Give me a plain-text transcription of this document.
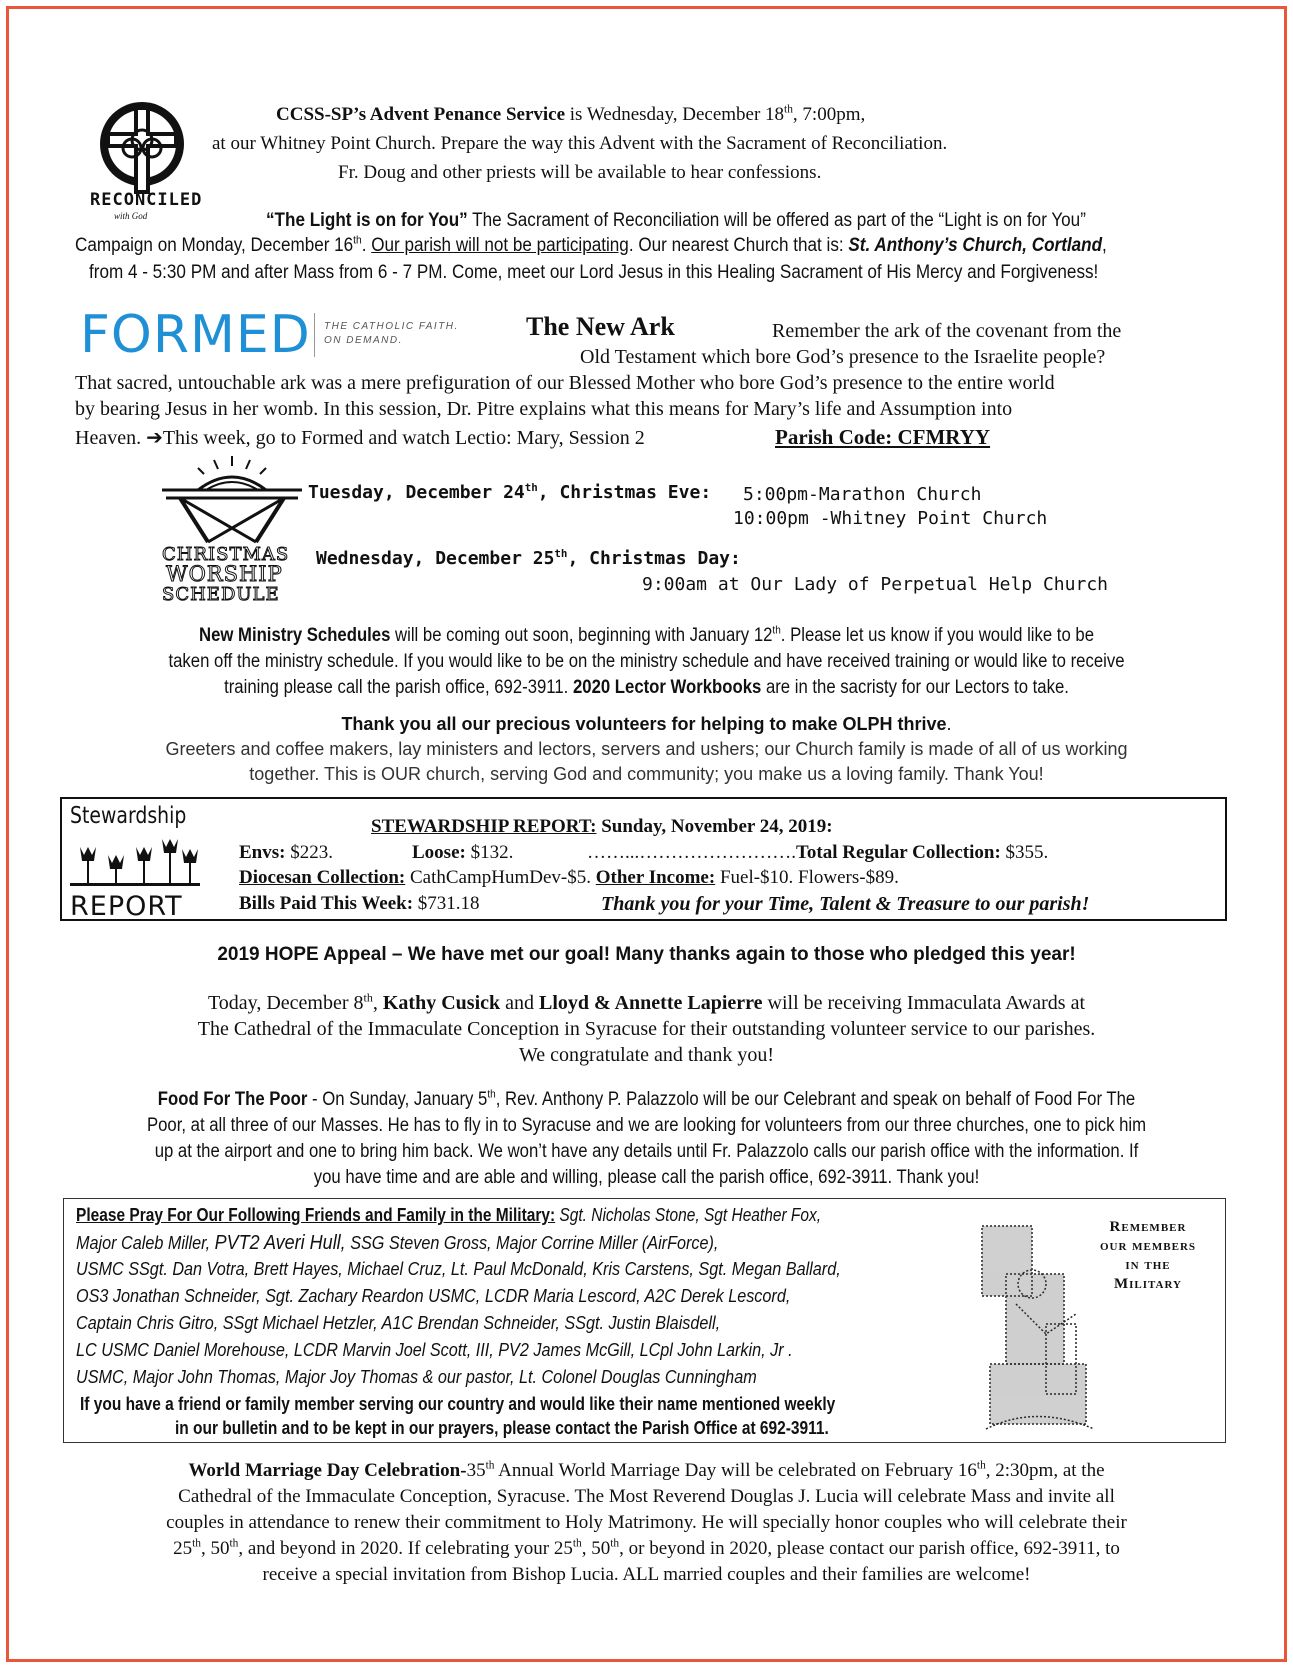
RECONCILED
with God
CCSS-SP’s Advent Penance Service is Wednesday, December 18th, 7:00pm,
at our Whitney Point Church. Prepare the way this Advent with the Sacrament of Reconciliation.
Fr. Doug and other priests will be available to hear confessions.
“The Light is on for You” The Sacrament of Reconciliation will be offered as part of the “Light is on for You”
Campaign on Monday, December 16th. Our parish will not be participating. Our nearest Church that is: St. Anthony’s Church, Cortland,
from 4 - 5:30 PM and after Mass from 6 - 7 PM. Come, meet our Lord Jesus in this Healing Sacrament of His Mercy and Forgiveness!
FORMED THE CATHOLIC FAITH.
ON DEMAND.	The New Ark	Remember the ark of the covenant from the
Old Testament which bore God’s presence to the Israelite people?
That sacred, untouchable ark was a mere prefiguration of our Blessed Mother who bore God’s presence to the entire world
by bearing Jesus in her womb. In this session, Dr. Pitre explains what this means for Mary’s life and Assumption into
Heaven. ➔This week, go to Formed and watch Lectio: Mary, Session 2	Parish Code: CFMRYY
CHRISTMAS
WORSHIP
SCHEDULE
Tuesday, December 24th, Christmas Eve: 5:00pm-Marathon Church
10:00pm -Whitney Point Church
Wednesday, December 25th, Christmas Day:
9:00am at Our Lady of Perpetual Help Church
New Ministry Schedules will be coming out soon, beginning with January 12th. Please let us know if you would like to be
taken off the ministry schedule. If you would like to be on the ministry schedule and have received training or would like to receive
training please call the parish office, 692-3911. 2020 Lector Workbooks are in the sacristy for our Lectors to take.
Thank you all our precious volunteers for helping to make OLPH thrive.
Greeters and coffee makers, lay ministers and lectors, servers and ushers; our Church family is made of all of us working
together. This is OUR church, serving God and community; you make us a loving family. Thank You!
Stewardship
REPORT
STEWARDSHIP REPORT: Sunday, November 24, 2019:
Envs: $223.	Loose: $132.	……...…………………….Total Regular Collection: $355.
Diocesan Collection: CathCampHumDev-$5. Other Income: Fuel-$10. Flowers-$89.
Bills Paid This Week: $731.18	Thank you for your Time, Talent & Treasure to our parish!
2019 HOPE Appeal – We have met our goal! Many thanks again to those who pledged this year!
Today, December 8th, Kathy Cusick and Lloyd & Annette Lapierre will be receiving Immaculata Awards at
The Cathedral of the Immaculate Conception in Syracuse for their outstanding volunteer service to our parishes.
We congratulate and thank you!
Food For The Poor - On Sunday, January 5th, Rev. Anthony P. Palazzolo will be our Celebrant and speak on behalf of Food For The
Poor, at all three of our Masses. He has to fly in to Syracuse and we are looking for volunteers from our three churches, one to pick him
up at the airport and one to bring him back. We won’t have any details until Fr. Palazzolo calls our parish office with the information. If
you have time and are able and willing, please call the parish office, 692-3911. Thank you!
Please Pray For Our Following Friends and Family in the Military: Sgt. Nicholas Stone, Sgt Heather Fox,
Major Caleb Miller, PVT2 Averi Hull, SSG Steven Gross, Major Corrine Miller (AirForce),
USMC SSgt. Dan Votra, Brett Hayes, Michael Cruz, Lt. Paul McDonald, Kris Carstens, Sgt. Megan Ballard,
OS3 Jonathan Schneider, Sgt. Zachary Reardon USMC, LCDR Maria Lescord, A2C Derek Lescord,
Captain Chris Gitro, SSgt Michael Hetzler, A1C Brendan Schneider, SSgt. Justin Blaisdell,
LC USMC Daniel Morehouse, LCDR Marvin Joel Scott, III, PV2 James McGill, LCpl John Larkin, Jr .
USMC, Major John Thomas, Major Joy Thomas & our pastor, Lt. Colonel Douglas Cunningham
If you have a friend or family member serving our country and would like their name mentioned weekly
in our bulletin and to be kept in our prayers, please contact the Parish Office at 692-3911.
Remember
our members
in the
Military
World Marriage Day Celebration-35th Annual World Marriage Day will be celebrated on February 16th, 2:30pm, at the
Cathedral of the Immaculate Conception, Syracuse. The Most Reverend Douglas J. Lucia will celebrate Mass and invite all
couples in attendance to renew their commitment to Holy Matrimony. He will specially honor couples who will celebrate their
25th, 50th, and beyond in 2020. If celebrating your 25th, 50th, or beyond in 2020, please contact our parish office, 692-3911, to
receive a special invitation from Bishop Lucia. ALL married couples and their families are welcome!
